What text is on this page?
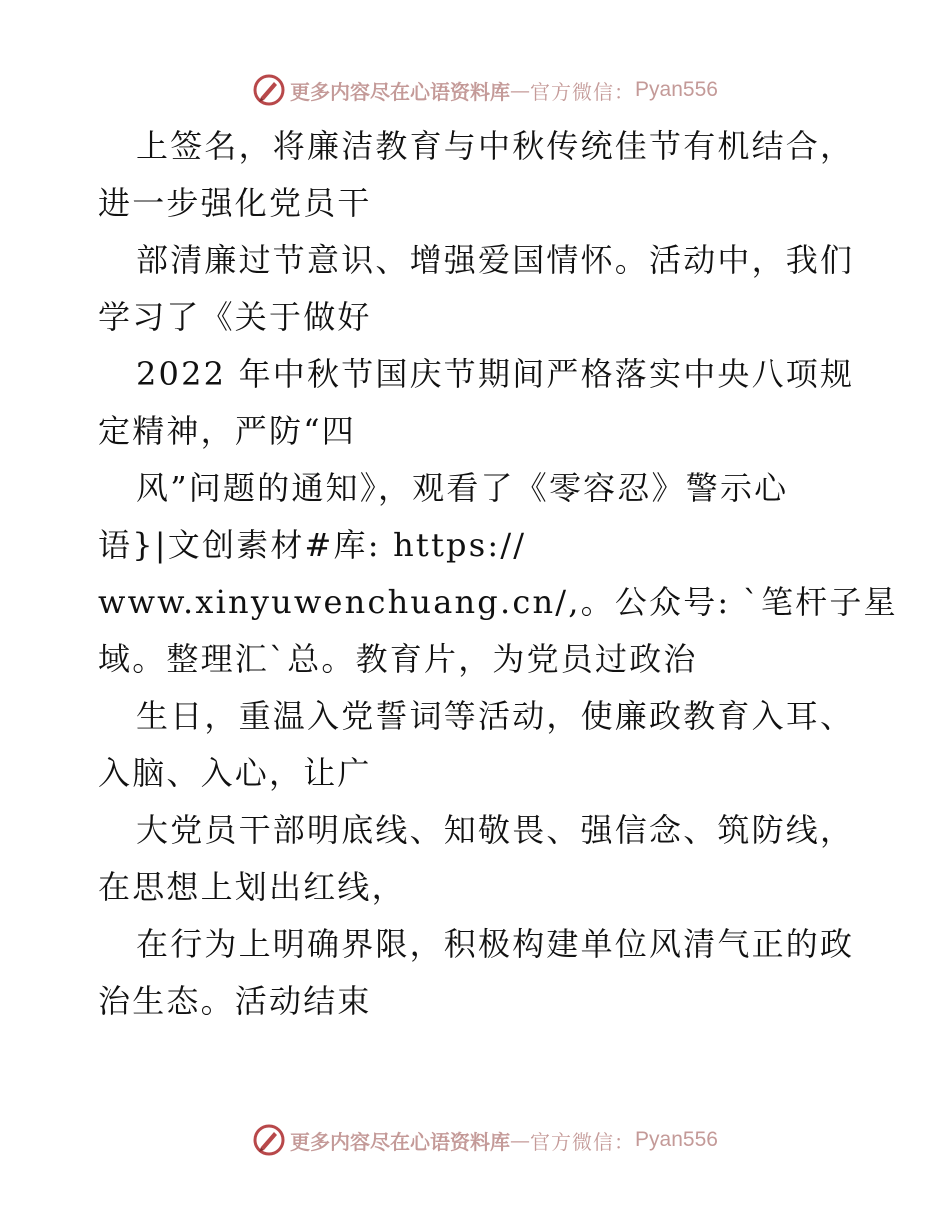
更多内容尽在心语资料库 — 官方微信： Pyan556
上签名，将廉洁教育与中秋传统佳节有机结合，
进一步强化党员干
部清廉过节意识、增强爱国情怀。活动中，我们
学习了《关于做好
2022 年中秋节国庆节期间严格落实中央八项规
定精神，严防“四
风”问题的通知》，观看了《零容忍》警示心
语}|文创素材#库: https://
www.xinyuwenchuang.cn/,。公众号: `笔杆子星
域。整理汇`总。教育片，为党员过政治
生日，重温入党誓词等活动，使廉政教育入耳、
入脑、入心，让广
大党员干部明底线、知敬畏、强信念、筑防线，
在思想上划出红线，
在行为上明确界限，积极构建单位风清气正的政
治生态。活动结束
更多内容尽在心语资料库 — 官方微信： Pyan556
